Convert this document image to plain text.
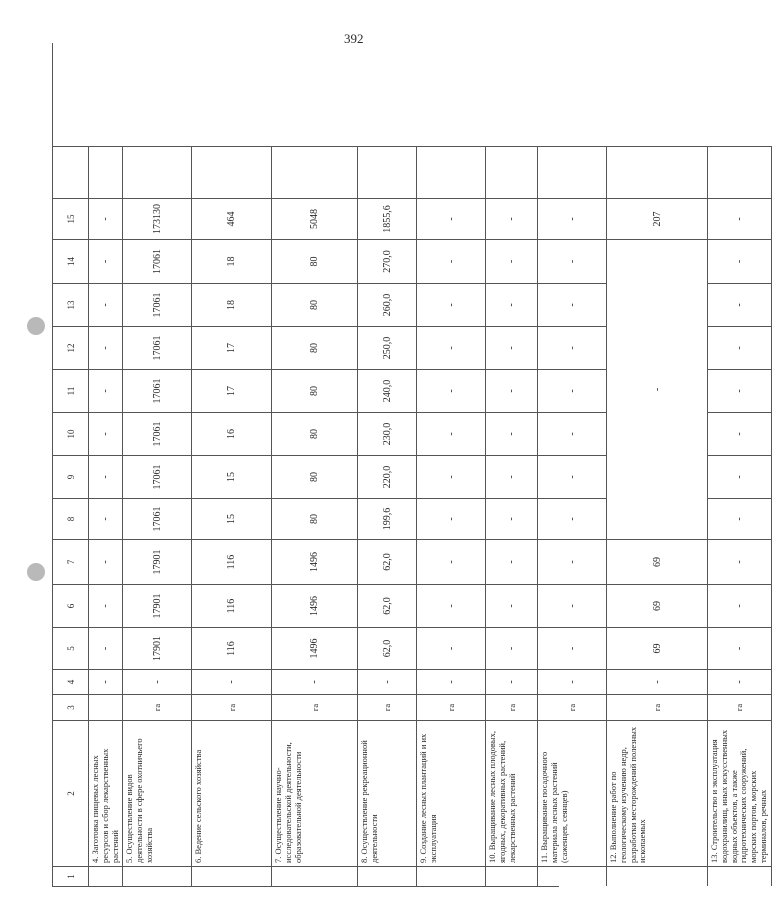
392
1
2
3
4
5
6
7
8
9
10
11
12
13
14
15
4. Заготовка пищевых лесных ресурсов и сбор лекарственных растений
-
-
-
-
-
-
-
-
-
-
-
-
5. Осуществление видов деятельности в сфере охотничьего хозяйства
га
-
17901
17901
17901
17061
17061
17061
17061
17061
17061
17061
173130
6. Ведение сельского хозяйства
га
-
116
116
116
15
15
16
17
17
18
18
464
7. Осуществление научно-исследовательской деятельности, образовательной деятельности
га
-
1496
1496
1496
80
80
80
80
80
80
80
5048
8. Осуществление рекреационной деятельности
га
-
62,0
62,0
62,0
199,6
220,0
230,0
240,0
250,0
260,0
270,0
1855,6
9. Создание лесных плантаций и их эксплуатация
га
-
-
-
-
-
-
-
-
-
-
-
-
10. Выращивание лесных плодовых, ягодных, декоративных растений, лекарственных растений
га
-
-
-
-
-
-
-
-
-
-
-
-
11. Выращивание посадочного материала лесных растений (саженцев, сеянцев)
га
-
-
-
-
-
-
-
-
-
-
-
-
12. Выполнение работ по геологическому изучению недр, разработки месторождений полезных ископаемых
га
-
69
69
69
-
207
13. Строительство и эксплуатация водохранилищ, иных искусственных водных объектов, а также гидротехнических сооружений, морских портов, морских терминалов, речных
га
-
-
-
-
-
-
-
-
-
-
-
-
